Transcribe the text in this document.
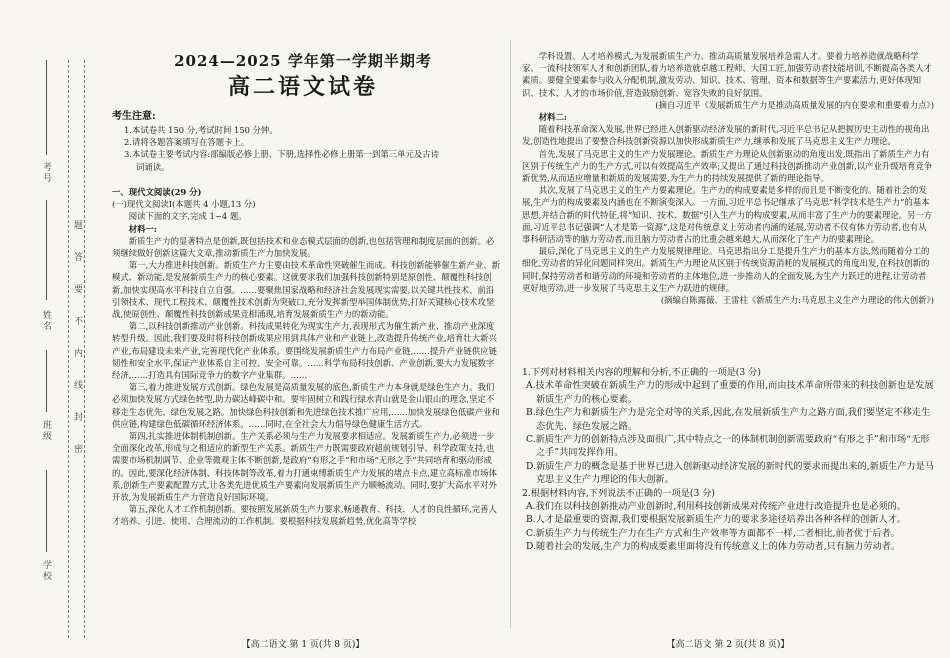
考号
姓名
班级
学校
题
答
要
不
内
线
封
密
2024—2025 学年第一学期半期考
高二语文试卷

考生注意:

1.本试卷共 150 分,考试时间 150 分钟。

2.请将各题答案填写在答题卡上。

3.本试卷主要考试内容:部编版必修上册、下册,选择性必修上册第一到第三单元及古诗

词诵读。

一、现代文阅读(29 分)

(一)现代文阅读Ⅰ(本题共 4 小题,13 分)

阅读下面的文字,完成 1~4 题。

材料一:

新质生产力的显著特点是创新,既包括技术和业态模式层面的创新,也包括管理和制度层面的创新。必须继续做好创新这篇大文章,推动新质生产力加快发展。

第一,大力推进科技创新。新质生产力主要由技术革命性突破催生而成。科技创新能够催生新产业、新模式、新动能,是发展新质生产力的核心要素。这就要求我们加强科技创新特别是原创性、颠覆性科技创新,加快实现高水平科技自立自强。……要聚焦国家战略和经济社会发展现实需要,以关键共性技术、前沿引领技术、现代工程技术、颠覆性技术创新为突破口,充分发挥新型举国体制优势,打好关键核心技术攻坚战,使原创性、颠覆性科技创新成果竞相涌现,培育发展新质生产力的新动能。

第二,以科技创新推动产业创新。科技成果转化为现实生产力,表现形式为催生新产业、推动产业深度转型升级。因此,我们要及时将科技创新成果应用到具体产业和产业链上,改造提升传统产业,培育壮大新兴产业,布局建设未来产业,完善现代化产业体系。要围绕发展新质生产力布局产业链,……提升产业链供应链韧性和安全水平,保证产业体系自主可控、安全可靠。……科学布局科技创新、产业创新,要大力发展数字经济,……打造具有国际竞争力的数字产业集群。……

第三,着力推进发展方式创新。绿色发展是高质量发展的底色,新质生产力本身就是绿色生产力。我们必须加快发展方式绿色转型,助力碳达峰碳中和。要牢固树立和践行绿水青山就是金山银山的理念,坚定不移走生态优先、绿色发展之路。加快绿色科技创新和先进绿色技术推广应用,……加快发展绿色低碳产业和供应链,构建绿色低碳循环经济体系。……同时,在全社会大力倡导绿色健康生活方式。

第四,扎实推进体制机制创新。生产关系必须与生产力发展要求相适应。发展新质生产力,必须进一步全面深化改革,形成与之相适应的新型生产关系。新质生产力既需要政府超前规划引导、科学政策支持,也需要市场机制调节、企业等微观主体不断创新,是政府“有形之手”和市场“无形之手”共同培育和驱动形成的。因此,要深化经济体制、科技体制等改革,着力打通束缚新质生产力发展的堵点卡点,建立高标准市场体系,创新生产要素配置方式,让各类先进优质生产要素向发展新质生产力顺畅流动。同时,要扩大高水平对外开放,为发展新质生产力营造良好国际环境。

第五,深化人才工作机制创新。要按照发展新质生产力要求,畅通教育、科技、人才的良性循环,完善人才培养、引进、使用、合理流动的工作机制。要根据科技发展新趋势,优化高等学校

【高二语文 第 1 页(共 8 页)】

学科设置、人才培养模式,为发展新质生产力、推动高质量发展培养急需人才。要着力培养造就战略科学家、一流科技领军人才和创新团队,着力培养造就卓越工程师、大国工匠,加强劳动者技能培训,不断提高各类人才素质。要健全要素参与收入分配机制,激发劳动、知识、技术、管理、资本和数据等生产要素活力,更好体现知识、技术、人才的市场价值,营造鼓励创新、宽容失败的良好氛围。

(摘自习近平《发展新质生产力是推动高质量发展的内在要求和重要着力点》)

材料二:

随着科技革命深入发展,世界已经进入创新驱动经济发展的新时代,习近平总书记从把握历史主动性的视角出发,创造性地提出了要整合科技创新资源以加快形成新质生产力,继承和发展了马克思主义生产力理论。

首先,发展了马克思主义的生产力发展理论。新质生产力理论从创新驱动的角度出发,既指出了新质生产力有区别于传统生产力的生产方式,可以有效提高生产效率;又提出了通过科技创新推动产业创新,以产业升级培育竞争新优势,从而适应增量和新质的发展需要,为生产力的持续发展提供了新的理论指导。

其次,发展了马克思主义的生产力要素理论。生产力的构成要素是多样的而且是不断变化的。随着社会的发展,生产力的构成要素及内涵也在不断演变深入。一方面,习近平总书记继承了马克思“科学技术是生产力”的基本思想,并结合新的时代特征,将“知识、技术、数据”引入生产力的构成要素,从而丰富了生产力的要素理论。另一方面,习近平总书记强调“人才是第一资源”,这是对传统意义上劳动者内涵的延展,劳动者不仅有体力劳动者,也有从事科研活动等的脑力劳动者,而且脑力劳动者占的比重会越来越大,从而深化了生产力的要素理论。

最后,深化了马克思主义的生产力发展规律理论。马克思指出分工是提升生产力的基本方法,然而随着分工的细化,劳动者的异化问题同样突出。新质生产力理论从区别于传统资源消耗的发展模式的角度出发,在科技创新的同时,保持劳动者和谐劳动的环境和劳动者的主体地位,进一步推动人的全面发展,为生产力跃迁的进程,让劳动者更好地劳动,进一步发展了马克思主义生产力跃进的规律。

(摘编自陈露薇、王雷柱《新质生产力:马克思主义生产力理论的伟大创新》)

1.下列对材料相关内容的理解和分析,不正确的一项是(3 分)

A.技术革命性突破在新质生产力的形成中起到了重要的作用,而由技术革命所带来的科技创新也是发展新质生产力的核心要素。

B.绿色生产力和新质生产力是完全对等的关系,因此,在发展新质生产力之路方面,我们要坚定不移走生态优先、绿色发展之路。

C.新质生产力的创新特点涉及面很广,其中特点之一的体制机制创新需要政府“有形之手”和市场“无形之手”共同发挥作用。

D.新质生产力的概念是基于世界已进入创新驱动经济发展的新时代的要求而提出来的,新质生产力是马克思主义生产力理论的伟大创新。

2.根据材料内容,下列说法不正确的一项是(3 分)

A.我们在以科技创新推动产业创新时,利用科技创新成果对传统产业进行改造提升也是必须的。

B.人才是最重要的资源,我们要根据发展新质生产力的要求多途径培养出各种各样的创新人才。

C.新质生产力与传统生产力在生产方式和生产效率等方面都不一样,二者相比,前者优于后者。

D.随着社会的发展,生产力的构成要素里面将没有传统意义上的体力劳动者,只有脑力劳动者。

【高二语文 第 2 页(共 8 页)】
